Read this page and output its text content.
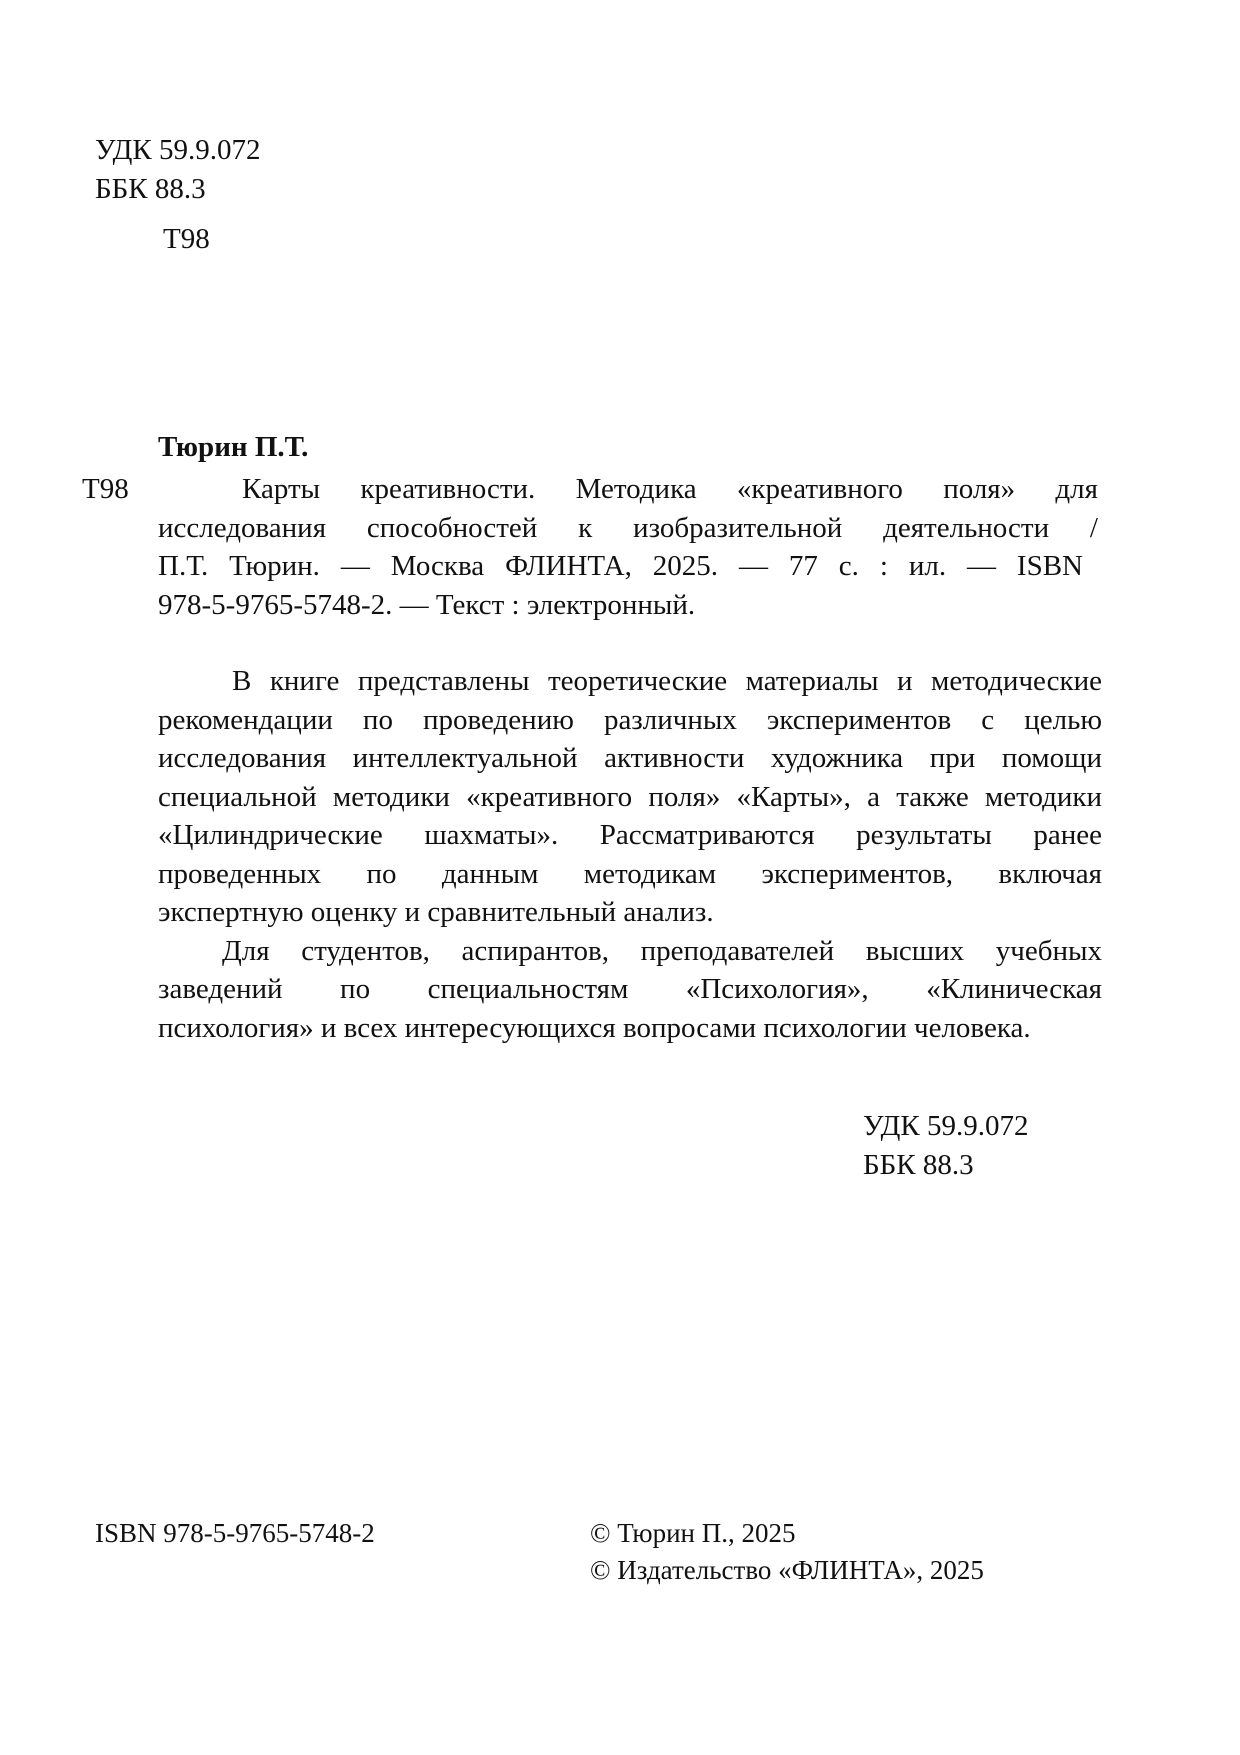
УДК 59.9.072
ББК 88.3
Т98
Тюрин П.Т.
Т98	Карты креативности. Методика «креативного поля» для

исследования способностей к изобразительной деятельности /

П.Т. Тюрин. — Москва ФЛИНТА, 2025. — 77 с. : ил. — ISBN

978-5-9765-5748-2. — Текст : электронный.

В книге представлены теоретические материалы и методические

рекомендации по проведению различных экспериментов с целью

исследования интеллектуальной активности художника при помощи

специальной методики «креативного поля» «Карты», а также методики

«Цилиндрические шахматы». Рассматриваются результаты ранее

проведенных по данным методикам экспериментов, включая

экспертную оценку и сравнительный анализ.

Для студентов, аспирантов, преподавателей высших учебных

заведений по специальностям «Психология», «Клиническая

психология» и всех интересующихся вопросами психологии человека.

УДК 59.9.072
ББК 88.3
ISBN 978-5-9765-5748-2	© Тюрин П., 2025
© Издательство «ФЛИНТА», 2025
